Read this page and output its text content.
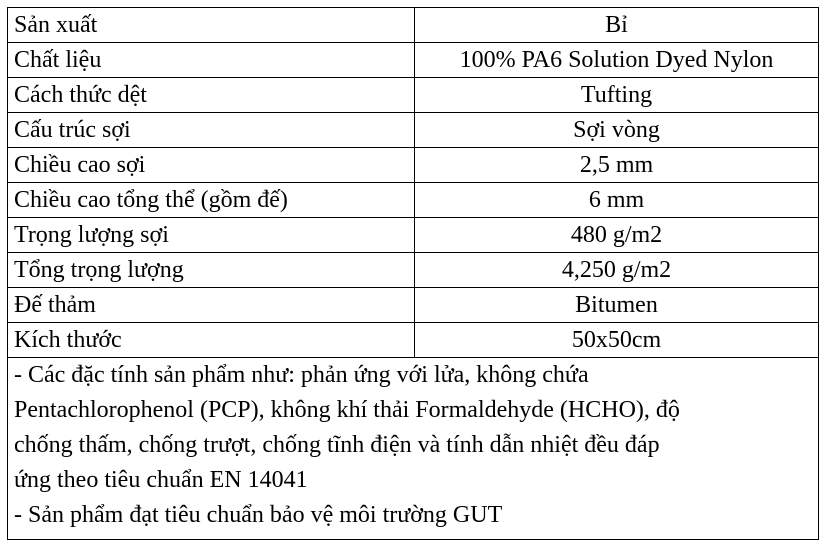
Sản xuất	Bỉ
Chất liệu	100% PA6 Solution Dyed Nylon
Cách thức dệt	Tufting
Cấu trúc sợi	Sợi vòng
Chiều cao sợi	2,5 mm
Chiều cao tổng thể (gồm đế)	6 mm
Trọng lượng sợi	480 g/m2
Tổng trọng lượng	4,250 g/m2
Đế thảm	Bitumen
Kích thước	50x50cm

- Các đặc tính sản phẩm như: phản ứng với lửa, không chứa
Pentachlorophenol (PCP), không khí thải Formaldehyde (HCHO), độ
chống thấm, chống trượt, chống tĩnh điện và tính dẫn nhiệt đều đáp
ứng theo tiêu chuẩn EN 14041
- Sản phẩm đạt tiêu chuẩn bảo vệ môi trường GUT	
